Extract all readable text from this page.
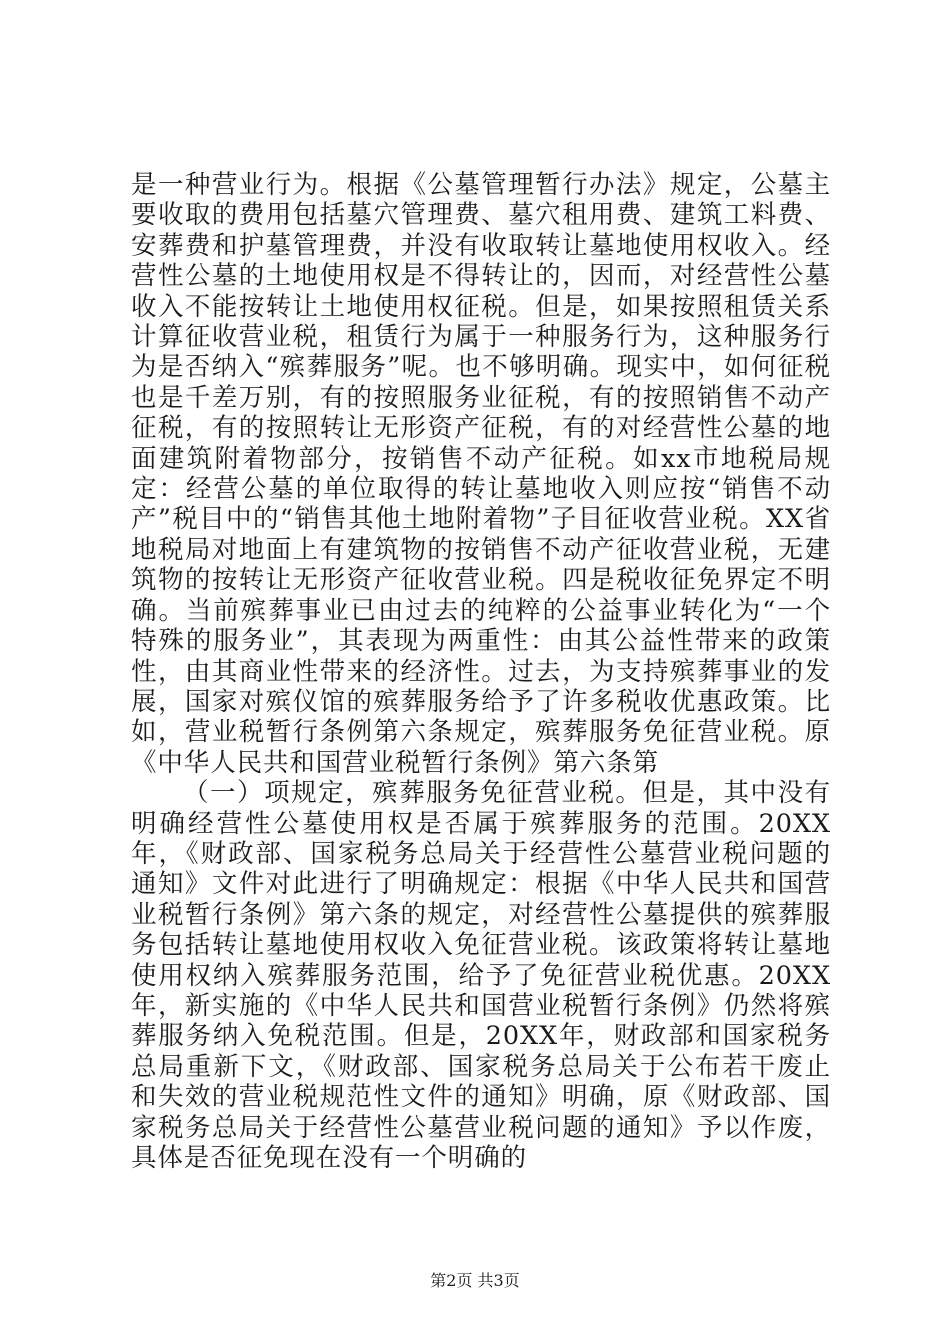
是一种营业行为。根据《公墓管理暂行办法》规定，公墓主要收取的费用包括墓穴管理费、墓穴租用费、建筑工料费、安葬费和护墓管理费，并没有收取转让墓地使用权收入。经营性公墓的土地使用权是不得转让的，因而，对经营性公墓收入不能按转让土地使用权征税。但是，如果按照租赁关系计算征收营业税，租赁行为属于一种服务行为，这种服务行为是否纳入“殡葬服务”呢。也不够明确。现实中，如何征税也是千差万别，有的按照服务业征税，有的按照销售不动产征税，有的按照转让无形资产征税，有的对经营性公墓的地面建筑附着物部分，按销售不动产征税。如xx市地税局规定：经营公墓的单位取得的转让墓地收入则应按“销售不动产”税目中的“销售其他土地附着物”子目征收营业税。XX省地税局对地面上有建筑物的按销售不动产征收营业税，无建筑物的按转让无形资产征收营业税。四是税收征免界定不明确。当前殡葬事业已由过去的纯粹的公益事业转化为“一个特殊的服务业”，其表现为两重性：由其公益性带来的政策性，由其商业性带来的经济性。过去，为支持殡葬事业的发展，国家对殡仪馆的殡葬服务给予了许多税收优惠政策。比如，营业税暂行条例第六条规定，殡葬服务免征营业税。原《中华人民共和国营业税暂行条例》第六条第

（一）项规定，殡葬服务免征营业税。但是，其中没有明确经营性公墓使用权是否属于殡葬服务的范围。20XX年，《财政部、国家税务总局关于经营性公墓营业税问题的通知》文件对此进行了明确规定：根据《中华人民共和国营业税暂行条例》第六条的规定，对经营性公墓提供的殡葬服务包括转让墓地使用权收入免征营业税。该政策将转让墓地使用权纳入殡葬服务范围，给予了免征营业税优惠。20XX年，新实施的《中华人民共和国营业税暂行条例》仍然将殡葬服务纳入免税范围。但是，20XX年，财政部和国家税务总局重新下文，《财政部、国家税务总局关于公布若干废止和失效的营业税规范性文件的通知》明确，原《财政部、国家税务总局关于经营性公墓营业税问题的通知》予以作废，具体是否征免现在没有一个明确的

第2页 共3页
